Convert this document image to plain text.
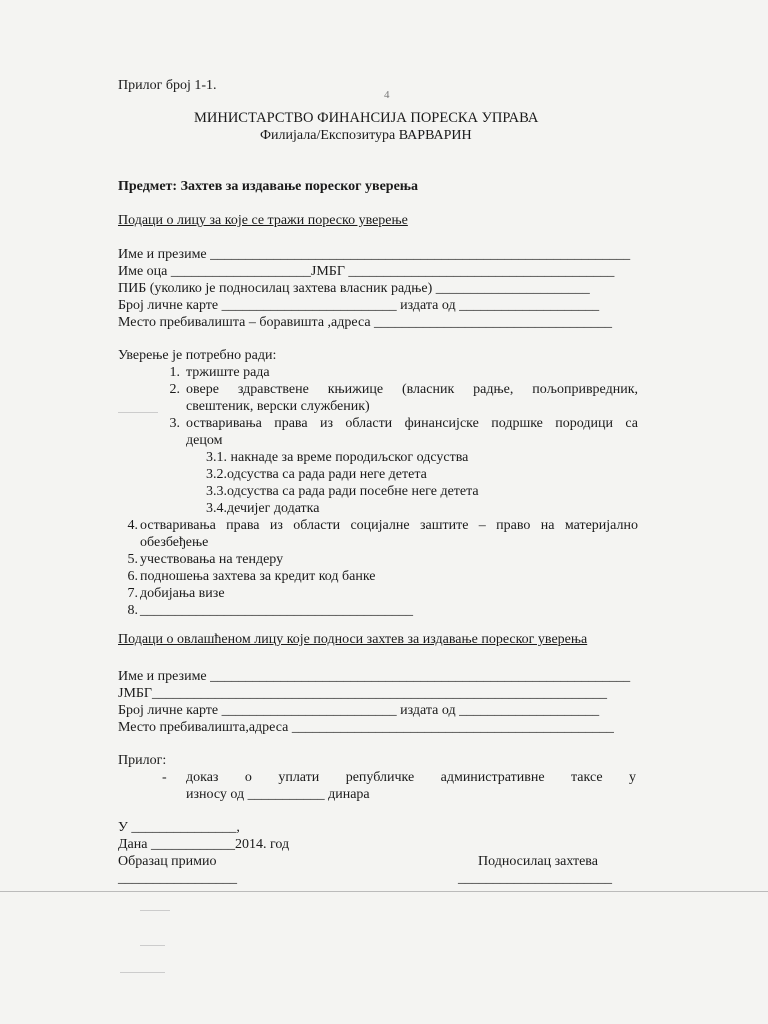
Прилог број 1-1.
4
МИНИСТАРСТВО ФИНАНСИЈА ПОРЕСКА УПРАВА
Филијала/Експозитура ВАРВАРИН
Предмет: Захтев за издавање пореског уверења
Подаци о лицу за које се тражи пореско уверење
Име и презиме ____________________________________________________________
Име оца ____________________ЈМБГ ______________________________________
ПИБ (уколико је подносилац захтева власник радње) ______________________
Број личне карте _________________________ издата од ____________________
Место пребивалишта – боравишта ,адреса __________________________________
Уверење је потребно ради:
1. тржиште рада
2. овере здравствене књижице (власник радње, пољопривредник,
свештеник, верски службеник)
3. остваривања права из области финансијске подршке породици са
децом
3.1. накнаде за време породиљског одсуства
3.2.одсуства са рада ради неге детета
3.3.одсуства са рада ради посебне неге детета
3.4.дечијег додатка
4. остваривања права из области социјалне заштите – право на материјално
обезбеђење
5. учествовања на тендеру
6. подношења захтева за кредит код банке
7. добијања визе
8. _______________________________________
Подаци о овлашћеном лицу које подноси захтев за издавање пореског уверења
Име и презиме ____________________________________________________________
ЈМБГ_________________________________________________________________
Број личне карте _________________________ издата од ____________________
Место пребивалишта,адреса ______________________________________________
Прилог:
- доказ о уплати републичке административне таксе у
износу од ___________ динара
У _______________,
Дана ____________2014. год
Образац примио	Подносилац захтева
_________________	______________________
